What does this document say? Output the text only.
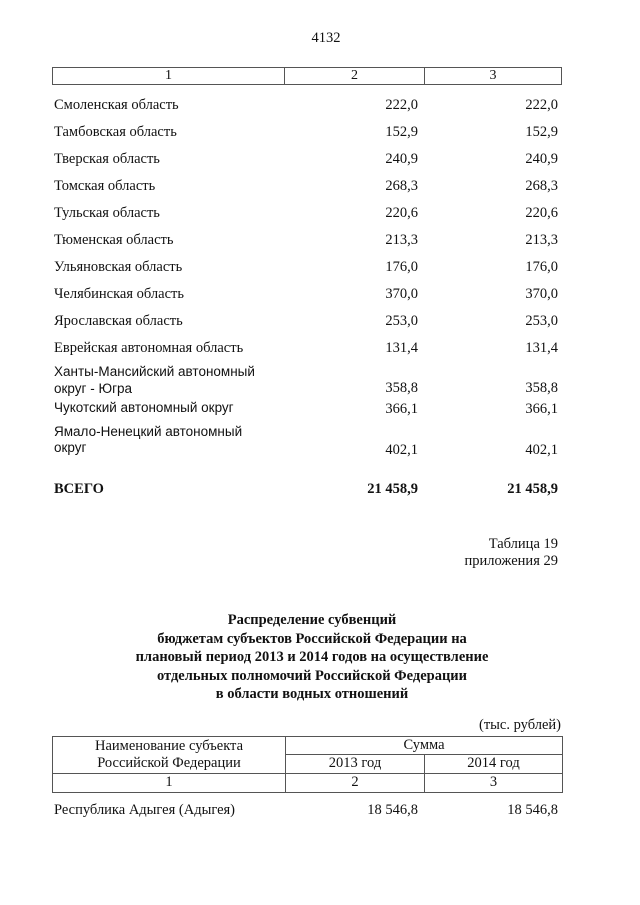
4132
1	2	3
Смоленская область	222,0	222,0
Тамбовская область	152,9	152,9
Тверская область	240,9	240,9
Томская область	268,3	268,3
Тульская область	220,6	220,6
Тюменская область	213,3	213,3
Ульяновская область	176,0	176,0
Челябинская область	370,0	370,0
Ярославская область	253,0	253,0
Еврейская автономная область	131,4	131,4
Ханты-Мансийский автономный
округ - Югра	358,8	358,8
Чукотский автономный округ	366,1	366,1
Ямало-Ненецкий автономный
округ	402,1	402,1
ВСЕГО	21 458,9	21 458,9
Таблица 19
приложения 29
Распределение субвенций
бюджетам субъектов Российской Федерации на
плановый период 2013 и 2014 годов на осуществление
отдельных полномочий Российской Федерации
в области водных отношений
(тыс. рублей)
Наименование субъекта
Российской Федерации
Сумма
2013 год	2014 год
1	2	3
Республика Адыгея (Адыгея)	18 546,8	18 546,8
